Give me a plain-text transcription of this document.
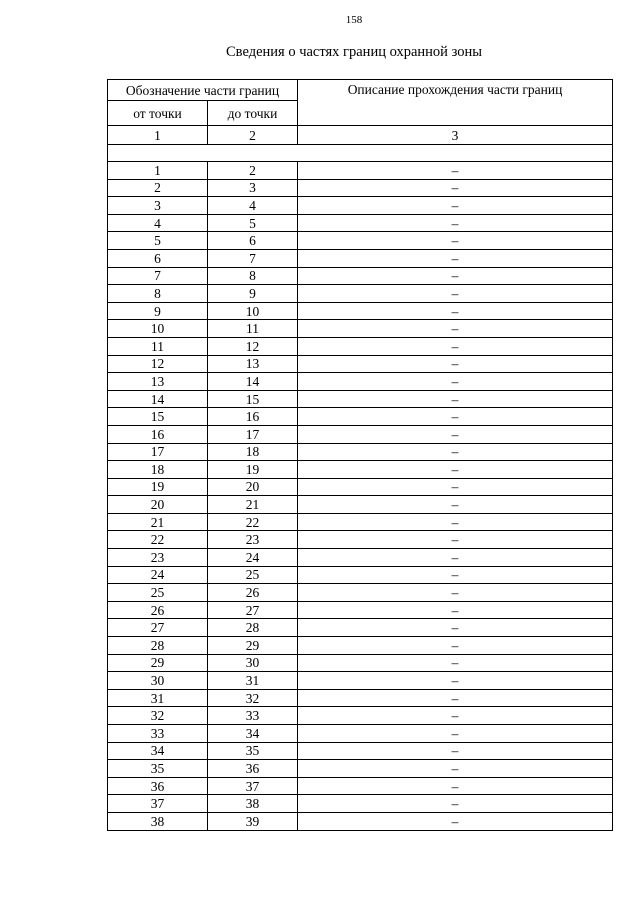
158
Сведения о частях границ охранной зоны
Обозначение части границ		Описание прохождения части границ
от точки	до точки	
1	2	3

1	2	–
2	3	–
3	4	–
4	5	–
5	6	–
6	7	–
7	8	–
8	9	–
9	10	–
10	11	–
11	12	–
12	13	–
13	14	–
14	15	–
15	16	–
16	17	–
17	18	–
18	19	–
19	20	–
20	21	–
21	22	–
22	23	–
23	24	–
24	25	–
25	26	–
26	27	–
27	28	–
28	29	–
29	30	–
30	31	–
31	32	–
32	33	–
33	34	–
34	35	–
35	36	–
36	37	–
37	38	–
38	39	–
